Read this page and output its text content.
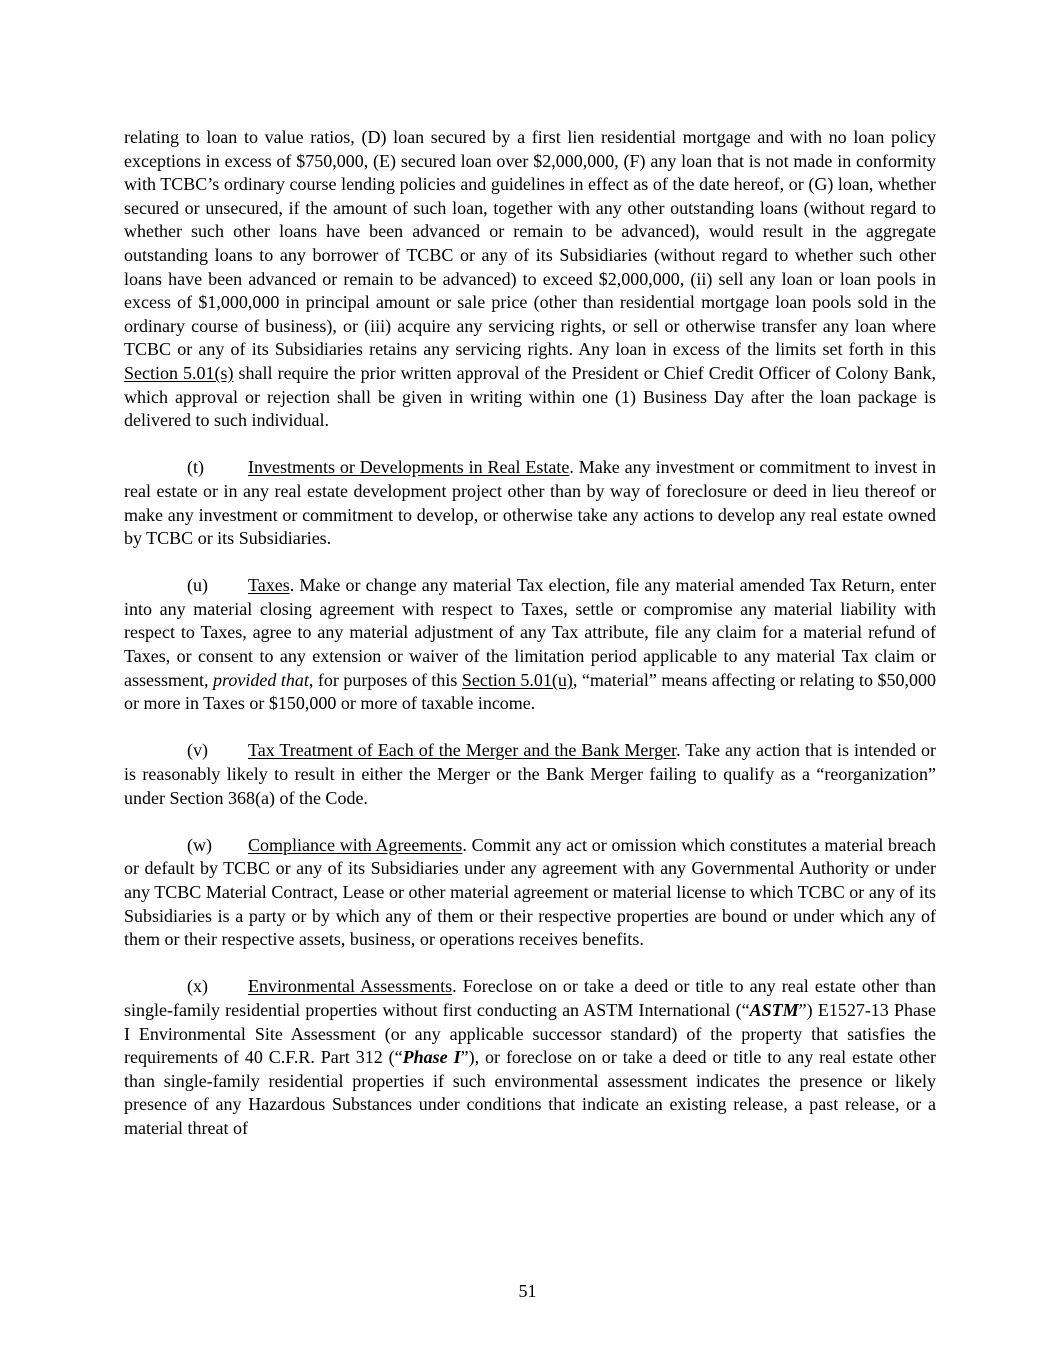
relating to loan to value ratios, (D) loan secured by a first lien residential mortgage and with no loan policy exceptions in excess of $750,000, (E) secured loan over $2,000,000, (F) any loan that is not made in conformity with TCBC’s ordinary course lending policies and guidelines in effect as of the date hereof, or (G) loan, whether secured or unsecured, if the amount of such loan, together with any other outstanding loans (without regard to whether such other loans have been advanced or remain to be advanced), would result in the aggregate outstanding loans to any borrower of TCBC or any of its Subsidiaries (without regard to whether such other loans have been advanced or remain to be advanced) to exceed $2,000,000, (ii) sell any loan or loan pools in excess of $1,000,000 in principal amount or sale price (other than residential mortgage loan pools sold in the ordinary course of business), or (iii) acquire any servicing rights, or sell or otherwise transfer any loan where TCBC or any of its Subsidiaries retains any servicing rights. Any loan in excess of the limits set forth in this Section 5.01(s) shall require the prior written approval of the President or Chief Credit Officer of Colony Bank, which approval or rejection shall be given in writing within one (1) Business Day after the loan package is delivered to such individual.

(t) Investments or Developments in Real Estate. Make any investment or commitment to invest in real estate or in any real estate development project other than by way of foreclosure or deed in lieu thereof or make any investment or commitment to develop, or otherwise take any actions to develop any real estate owned by TCBC or its Subsidiaries.

(u) Taxes. Make or change any material Tax election, file any material amended Tax Return, enter into any material closing agreement with respect to Taxes, settle or compromise any material liability with respect to Taxes, agree to any material adjustment of any Tax attribute, file any claim for a material refund of Taxes, or consent to any extension or waiver of the limitation period applicable to any material Tax claim or assessment, provided that, for purposes of this Section 5.01(u), “material” means affecting or relating to $50,000 or more in Taxes or $150,000 or more of taxable income.

(v) Tax Treatment of Each of the Merger and the Bank Merger. Take any action that is intended or is reasonably likely to result in either the Merger or the Bank Merger failing to qualify as a “reorganization” under Section 368(a) of the Code.

(w) Compliance with Agreements. Commit any act or omission which constitutes a material breach or default by TCBC or any of its Subsidiaries under any agreement with any Governmental Authority or under any TCBC Material Contract, Lease or other material agreement or material license to which TCBC or any of its Subsidiaries is a party or by which any of them or their respective properties are bound or under which any of them or their respective assets, business, or operations receives benefits.

(x) Environmental Assessments. Foreclose on or take a deed or title to any real estate other than single-family residential properties without first conducting an ASTM International (“ASTM”) E1527-13 Phase I Environmental Site Assessment (or any applicable successor standard) of the property that satisfies the requirements of 40 C.F.R. Part 312 (“Phase I”), or foreclose on or take a deed or title to any real estate other than single-family residential properties if such environmental assessment indicates the presence or likely presence of any Hazardous Substances under conditions that indicate an existing release, a past release, or a material threat of

51
